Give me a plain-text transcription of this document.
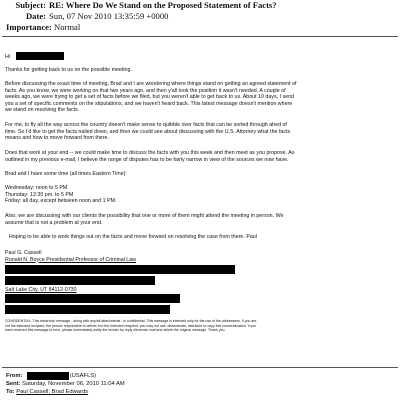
Subject: RE: Where Do We Stand on the Proposed Statement of Facts?
Date: Sun, 07 Nov 2010 13:35:59 +0000
Importance: Normal
Hi
Thanks for getting back to us on the possible meeting.
Before discussing the exact time of meeting, Brad and I are wondering where things stand on getting an agreed statement of
facts. As you know, we were working on that two years ago, and then y'all took the position it wasn't needed. A couple of
weeks ago, we were trying to get a set of facts before we filed, but you weren't able to get back to us. About 10 days, I send
you a set of specific comments on the stipulations, and we haven't heard back. This latest message doesn't mention where
we stand on resolving the facts.
For me, to fly all the way across the country doesn't make sense to quibble over facts that can be sorted through ahed of
time. So I'd like to get the facts nailed down, and then we could see about discussing with the U.S. Attorney what the facts
means and how to move forward from there.
Does that work at your end -- we could make time to discuss the facts with you this week and then meet as you propose. As
outlined in my previous e-mail, I believe the range of disputes has to be fairly narrow in view of the sources we now have.
Brad and I have some time (all times Eastern Time):
Wednesday: noon to 5 PM.
Thursday: 12:30 pm. to 5 PM
Friday: all day, except between noon and 1 PM.
Also, we are discussing with our clients the possibility that one or more of them might attend the meeting in person. We
assume that is not a problem at your end.
Hoping to be able to work things out on the facts and move forward on resolving the case from there. Paul
Paul G. Cassell
Ronald N. Boyce Presidential Professor of Criminal Law
Salt Lake City, UT 84112-0730
CONFIDENTIAL: This electronic message - along with any/all attachments - is confidential. This message is intended only for the use of the addressees. If you are
not the intended recipient, the person responsible to deliver it to the intended recipient, you may not use, disseminate, distribute or copy this communication. If you
have received this message in error, please immediately notify the sender by reply electronic mail and delete the original message. Thank you.
From:	(USAFLS)
Sent: Saturday, November 06, 2010 11:04 AM
To: Paul Cassell; Brad Edwards
